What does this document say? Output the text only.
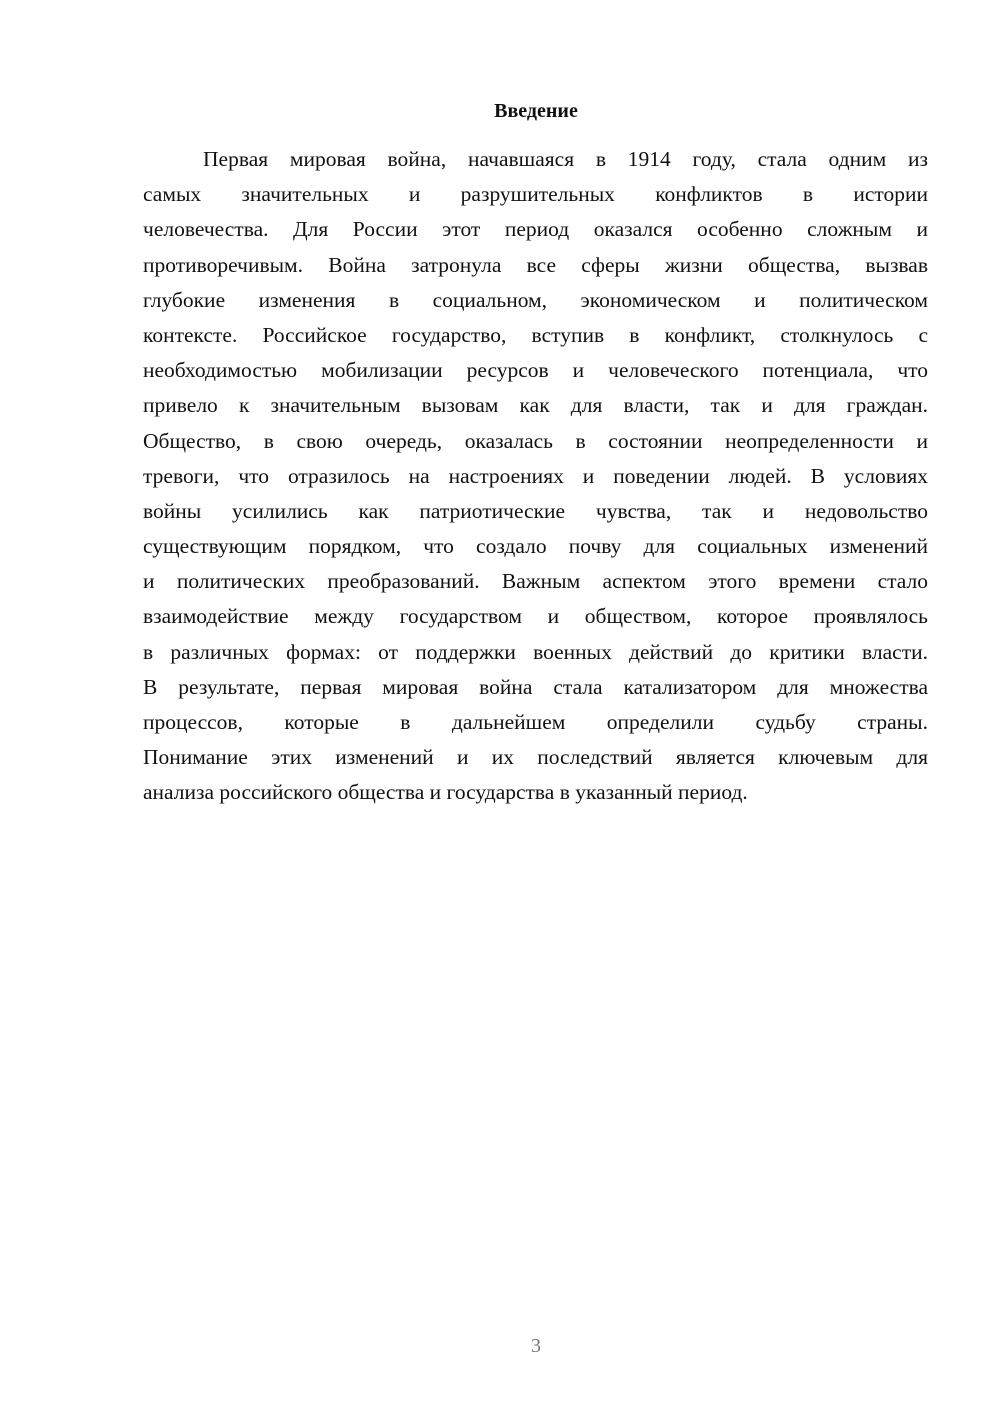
Введение
Первая мировая война, начавшаяся в 1914 году, стала одним из
самых значительных и разрушительных конфликтов в истории
человечества. Для России этот период оказался особенно сложным и
противоречивым. Война затронула все сферы жизни общества, вызвав
глубокие изменения в социальном, экономическом и политическом
контексте. Российское государство, вступив в конфликт, столкнулось с
необходимостью мобилизации ресурсов и человеческого потенциала, что
привело к значительным вызовам как для власти, так и для граждан.
Общество, в свою очередь, оказалась в состоянии неопределенности и
тревоги, что отразилось на настроениях и поведении людей. В условиях
войны усилились как патриотические чувства, так и недовольство
существующим порядком, что создало почву для социальных изменений
и политических преобразований. Важным аспектом этого времени стало
взаимодействие между государством и обществом, которое проявлялось
в различных формах: от поддержки военных действий до критики власти.
В результате, первая мировая война стала катализатором для множества
процессов, которые в дальнейшем определили судьбу страны.
Понимание этих изменений и их последствий является ключевым для
анализа российского общества и государства в указанный период.
3
